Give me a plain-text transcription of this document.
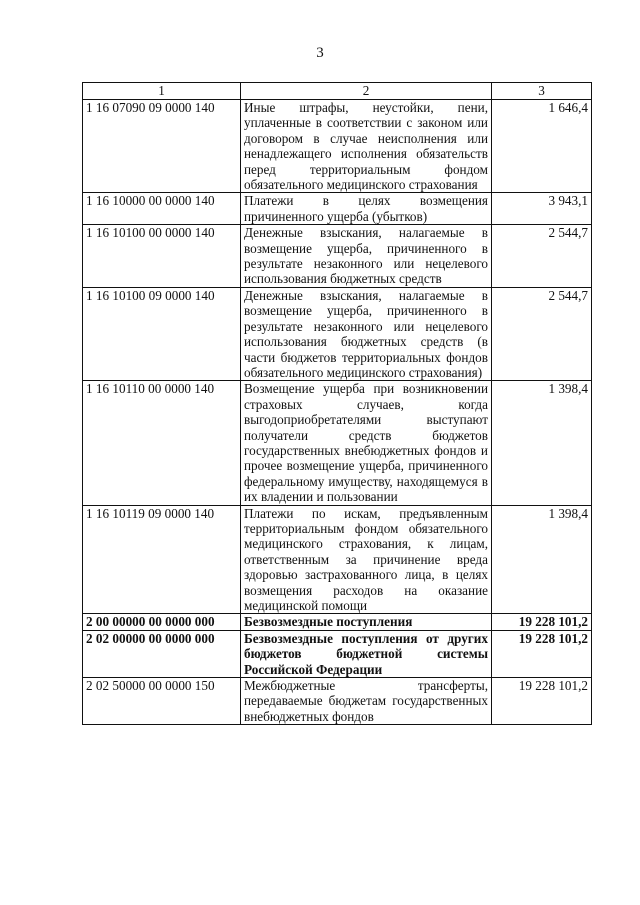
3
1	2	3
1 16 07090 09 0000 140	Иные штрафы, неустойки, пени, уплаченные в соответствии с законом или договором в случае неисполнения или ненадлежащего исполнения обязательств перед территориальным фондом обязательного медицинского страхования	1 646,4
1 16 10000 00 0000 140	Платежи в целях возмещения причиненного ущерба (убытков)	3 943,1
1 16 10100 00 0000 140	Денежные взыскания, налагаемые в возмещение ущерба, причиненного в результате незаконного или нецелевого использования бюджетных средств	2 544,7
1 16 10100 09 0000 140	Денежные взыскания, налагаемые в возмещение ущерба, причиненного в результате незаконного или нецелевого использования бюджетных средств (в части бюджетов территориальных фондов обязательного медицинского страхования)	2 544,7
1 16 10110 00 0000 140	Возмещение ущерба при возникновении страховых случаев, когда выгодоприобретателями выступают получатели средств бюджетов государственных внебюджетных фондов и прочее возмещение ущерба, причиненного федеральному имуществу, находящемуся в их владении и пользовании	1 398,4
1 16 10119 09 0000 140	Платежи по искам, предъявленным территориальным фондом обязательного медицинского страхования, к лицам, ответственным за причинение вреда здоровью застрахованного лица, в целях возмещения расходов на оказание медицинской помощи	1 398,4
2 00 00000 00 0000 000	Безвозмездные поступления	19 228 101,2
2 02 00000 00 0000 000	Безвозмездные поступления от других бюджетов бюджетной системы Российской Федерации	19 228 101,2
2 02 50000 00 0000 150	Межбюджетные трансферты, передаваемые бюджетам государственных внебюджетных фондов	19 228 101,2
